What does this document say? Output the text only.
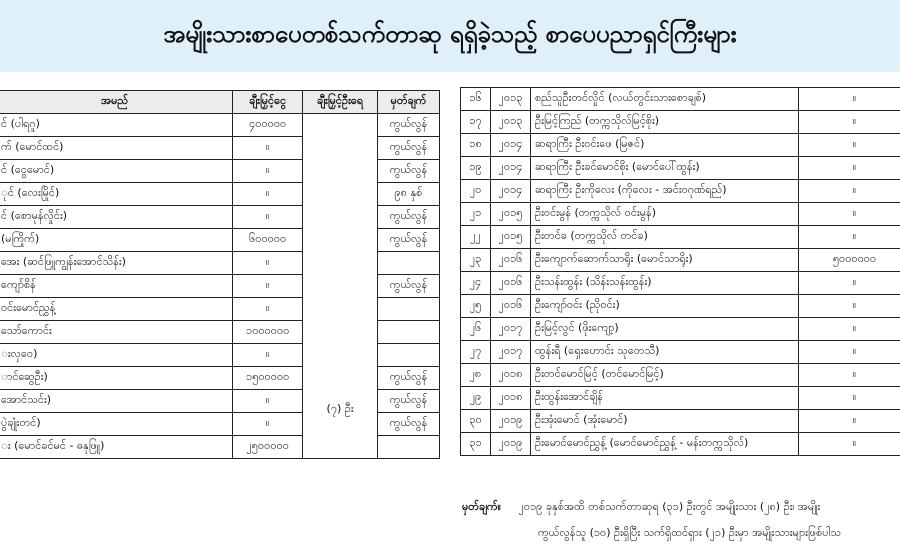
အမျိုးသားစာပေတစ်သက်တာဆု ရရှိခဲ့သည့် စာပေပညာရှင်ကြီးများ
အမည်	ချီးမြှင့်ငွေ	ချီးမြှင့်ဦးရေ	မှတ်ချက်
င် (ပါရဂူ)	၄၀၀၀၀၀	(၇) ဦး	ကွယ်လွန်
က် (မောင်ထင်)	။		ကွယ်လွန်
င် (ငွေမောင်)	။		ကွယ်လွန်
ုင် (လေးမြိုင်)	။		၉၈ နှစ်
င် (စောမုန်လှိုင်း)	။		ကွယ်လွန်
(မကြိုက်)	၆၀၀၀၀၀		ကွယ်လွန်
အေး (ဆင်ဖြူကျွန်းအောင်သိန်း)	။		
ကျော်စိန်	။		ကွယ်လွန်
ဝင်းမောင်ညွှန့်	။		
သော်ကောင်း	၁၀၀၀၀၀၀		
းလှဝေ)	။		
ာင်ဆွေဦး)	၁၅၀၀၀၀၀		ကွယ်လွန်
အောင်သင်း)	။		ကွယ်လွန်
ပွဲချုံးတင်)	။		ကွယ်လွန်
း (မောင်ခင်မင် - ဓနုဖြူ)	၂၅၀၀၀၀၀		
၁၆	၂၀၁၃	စည်သူဦးတင်လှိုင် (လယ်တွင်းသားစောချစ်)	။
၁၇	၂၀၁၃	ဦးမြင့်ကြည် (တက္ကသိုလ်မြင့်စိုး)	။
၁၈	၂၀၁၄	ဆရာကြီး ဦးဝင်းဖေ (မြဇင်)	။
၁၉	၂၀၁၄	ဆရာကြီး ဦးခင်မောင်စိုး (မောင်ပေါ်ထွန်း)	။
၂၀	၂၀၁၄	ဆရာကြီး ဦးကိုလေး (ကိုလေး - အင်းဝဂုဏ်ရည်)	။
၂၁	၂၀၁၅	ဦးဝင်းမွန် (တက္ကသိုလ် ဝင်းမွန်)	။
၂၂	၂၀၁၅	ဦးတင်ခ (တက္ကသိုလ် တင်ခ)	။
၂၃	၂၀၁၆	ဦးကျောက်ဆောက်သာရိုး (မောင်သာရိုး)	၅၀၀၀၀၀၀
၂၄	၂၀၁၆	ဦးသန်းထွန်း (သိန်းသန်းထွန်း)	။
၂၅	၂၀၁၆	ဦးကျော်ဝင်း (ညိုဝင်း)	။
၂၆	၂၀၁၇	ဦးမြင့်လွင် (ဖိုးကျော့)	။
၂၇	၂၀၁၇	ထွန်းရီ (ရှေးဟောင်း သုတေသီ)	။
၂၈	၂၀၁၈	ဦးတင်မောင်မြင့် (တင်မောင်မြင့်)	။
၂၉	၂၀၁၈	ဦးထွန်းအောင်ချိန်	။
၃၀	၂၀၁၉	ဦးအုံးမောင် (အုံးမောင်)	။
၃၁	၂၀၁၉	ဦးမောင်မောင်ညွှန့် (မောင်မောင်ညွှန့် - မန်းတက္ကသိုလ်)	။
မှတ်ချက်။ ၂၀၁၉ ခုနှစ်အထိ တစ်သက်တာဆုရ (၃၁) ဦးတွင် အမျိုးသား (၂၈) ဦး၊ အမျိုး
ကွယ်လွန်သူ (၁၀) ဦးရှိပြီး သက်ရှိထင်ရှား (၂၁) ဦးမှာ အမျိုးသားများဖြစ်ပါသ
